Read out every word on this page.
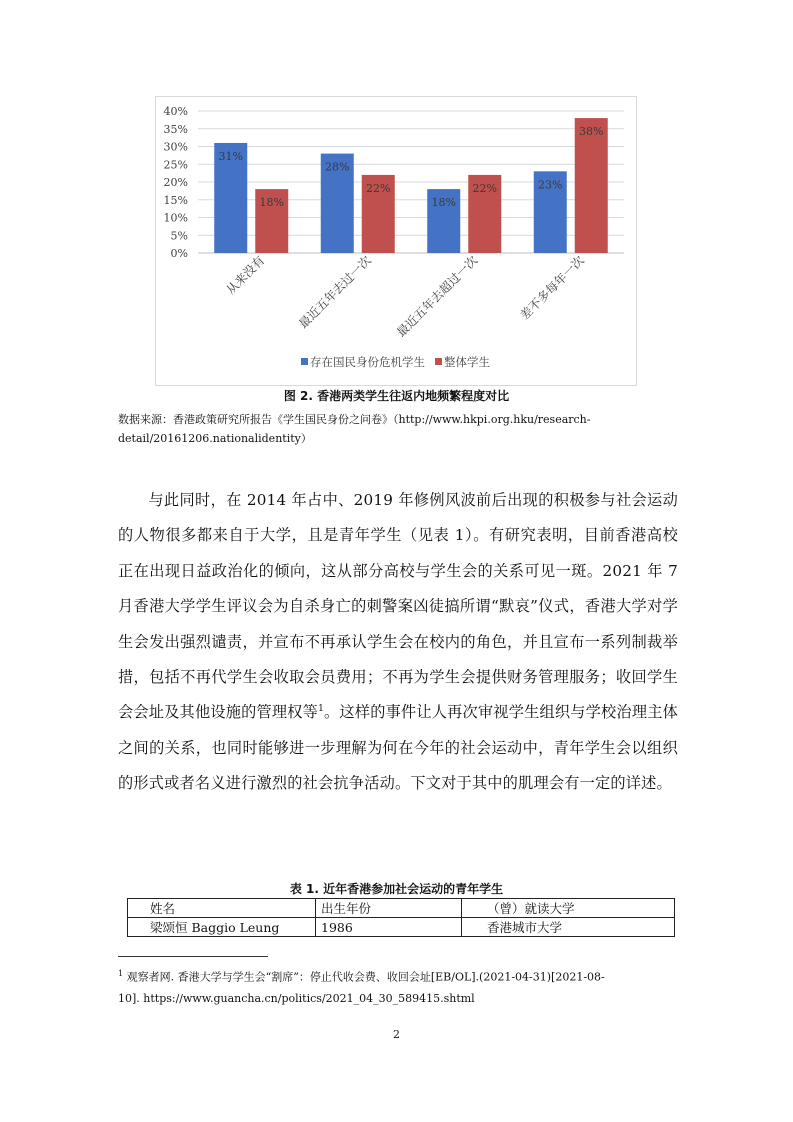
0%
5%
10%
15%
20%
25%
30%
35%
40%
31%
18%
从来没有
28%
22%
最近五年去过一次
18%
22%
最近五年去超过一次
23%
38%
差不多每年一次
存在国民身份危机学生 整体学生
图 2. 香港两类学生往返内地频繁程度对比
数据来源：香港政策研究所报告《学生国民身份之问卷》（http://www.hkpi.org.hku/research-
detail/20161206.nationalidentity）
与此同时，在 2014 年占中、2019 年修例风波前后出现的积极参与社会运动的人物很多都来自于大学，且是青年学生（见表 1）。有研究表明，目前香港高校正在出现日益政治化的倾向，这从部分高校与学生会的关系可见一斑。2021 年 7 月香港大学学生评议会为自杀身亡的刺警案凶徒搞所谓“默哀”仪式，香港大学对学生会发出强烈谴责，并宣布不再承认学生会在校内的角色，并且宣布一系列制裁举措，包括不再代学生会收取会员费用；不再为学生会提供财务管理服务；收回学生会会址及其他设施的管理权等$^1$。这样的事件让人再次审视学生组织与学校治理主体之间的关系，也同时能够进一步理解为何在今年的社会运动中，青年学生会以组织的形式或者名义进行激烈的社会抗争活动。下文对于其中的肌理会有一定的详述。
表 1. 近年香港参加社会运动的青年学生
姓名	出生年份	（曾）就读大学
梁颂恒 Baggio Leung	1986	香港城市大学
$^1$ 观察者网. 香港大学与学生会“割席”：停止代收会费、收回会址[EB/OL].(2021-04-31)[2021-08-
10]. https://www.guancha.cn/politics/2021_04_30_589415.shtml
2
